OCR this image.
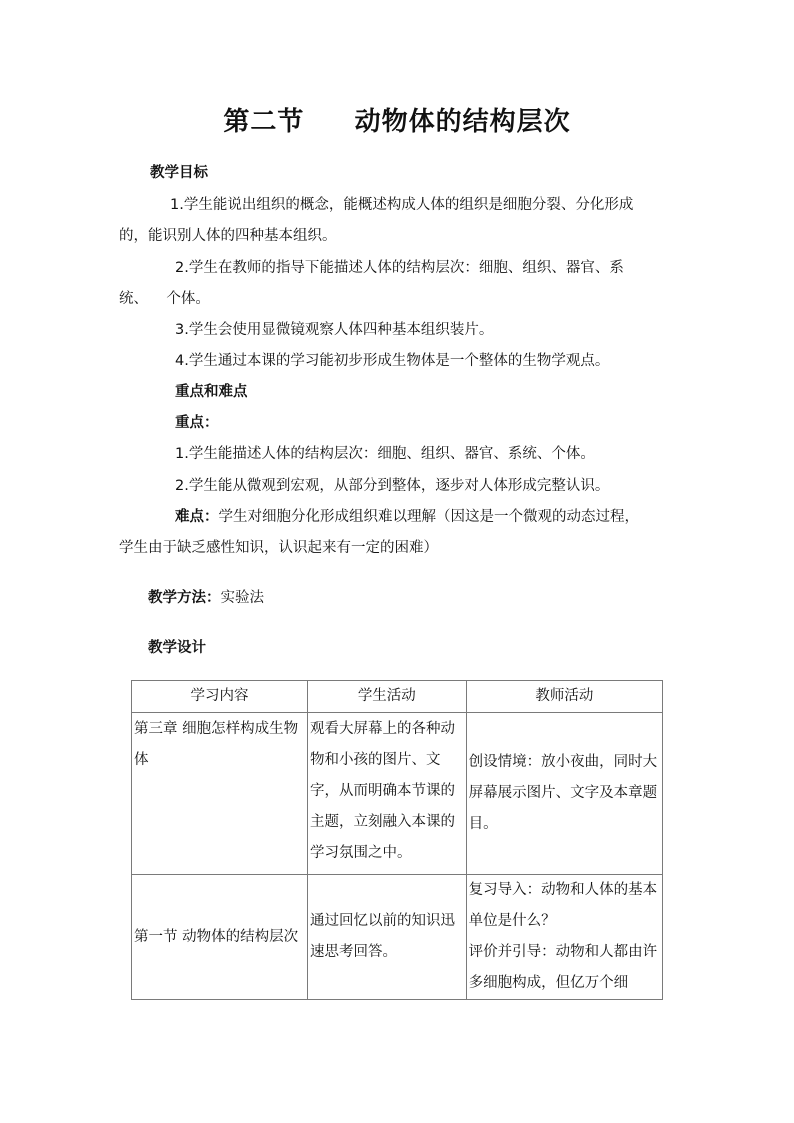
第二节     动物体的结构层次
教学目标
1.学生能说出组织的概念，能概述构成人体的组织是细胞分裂、分化形成
的，能识别人体的四种基本组织。
2.学生在教师的指导下能描述人体的结构层次：细胞、组织、器官、系
统、    个体。
3.学生会使用显微镜观察人体四种基本组织装片。
4.学生通过本课的学习能初步形成生物体是一个整体的生物学观点。
重点和难点
重点：
1.学生能描述人体的结构层次：细胞、组织、器官、系统、个体。
2.学生能从微观到宏观，从部分到整体，逐步对人体形成完整认识。
难点：学生对细胞分化形成组织难以理解（因这是一个微观的动态过程，
学生由于缺乏感性知识，认识起来有一定的困难）
教学方法：实验法
教学设计
学习内容	学生活动	教师活动
第三章 细胞怎样构成生物体	观看大屏幕上的各种动物和小孩的图片、文字，从而明确本节课的主题，立刻融入本课的学习氛围之中。	创设情境：放小夜曲，同时大屏幕展示图片、文字及本章题目。
第一节 动物体的结构层次	通过回忆以前的知识迅速思考回答。	复习导入：动物和人体的基本单位是什么？
评价并引导：动物和人都由许多细胞构成，但亿万个细
